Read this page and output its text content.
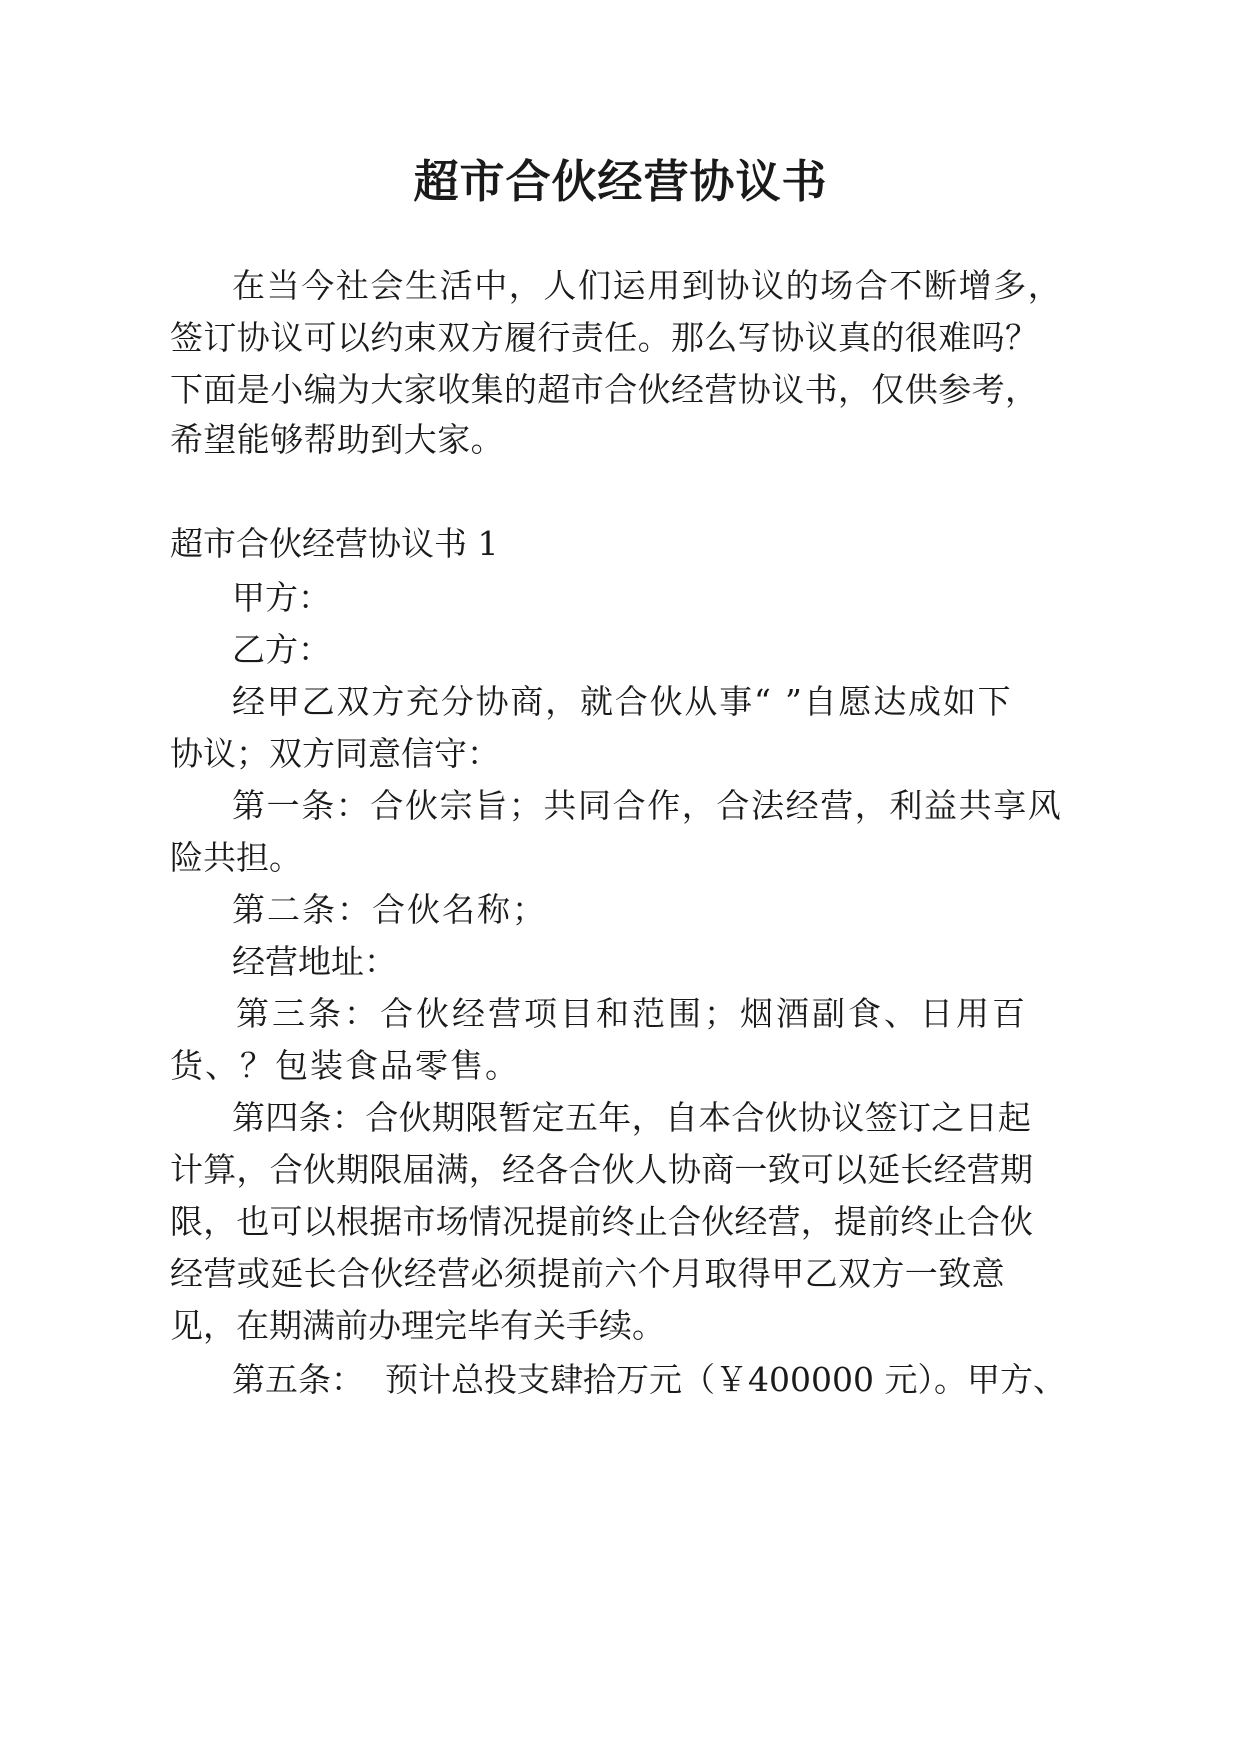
超市合伙经营协议书

在当今社会生活中，人们运用到协议的场合不断增多，

签订协议可以约束双方履行责任。那么写协议真的很难吗？

下面是小编为大家收集的超市合伙经营协议书，仅供参考，

希望能够帮助到大家。

超市合伙经营协议书 1

甲方：

乙方：

经甲乙双方充分协商，就合伙从事“ ”自愿达成如下

协议；双方同意信守：

第一条：合伙宗旨；共同合作，合法经营，利益共享风

险共担。

第二条：合伙名称；

经营地址：

第三条：合伙经营项目和范围；烟酒副食、日用百

货、？包装食品零售。

第四条：合伙期限暂定五年，自本合伙协议签订之日起

计算，合伙期限届满，经各合伙人协商一致可以延长经营期

限，也可以根据市场情况提前终止合伙经营，提前终止合伙

经营或延长合伙经营必须提前六个月取得甲乙双方一致意

见，在期满前办理完毕有关手续。

第五条：  预计总投支肆拾万元（￥400000 元）。甲方、
